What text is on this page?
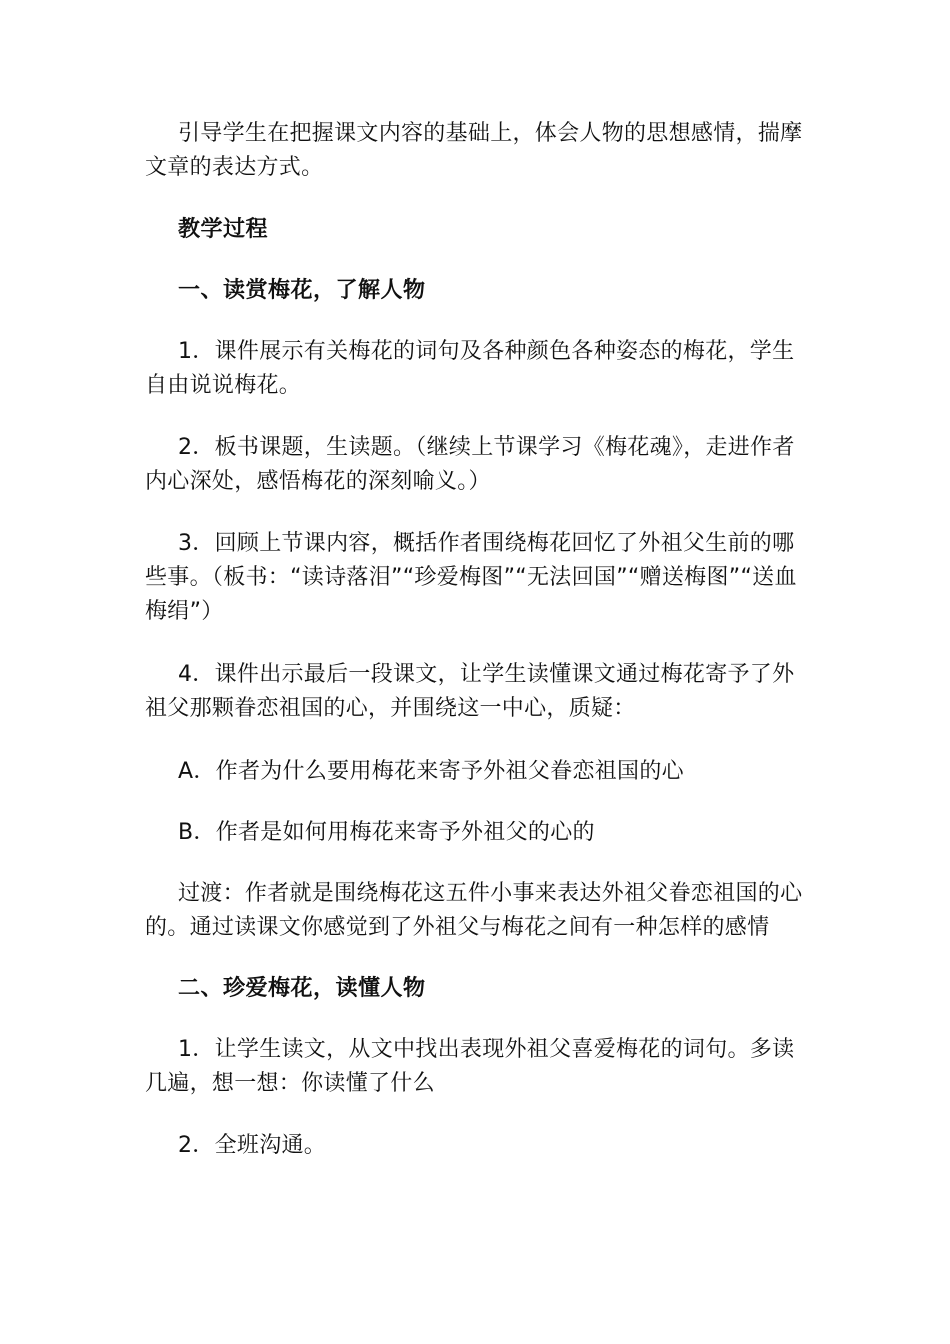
引导学生在把握课文内容的基础上，体会人物的思想感情，揣摩文章的表达方式。

教学过程

一、读赏梅花，了解人物

1．课件展示有关梅花的词句及各种颜色各种姿态的梅花，学生自由说说梅花。

2．板书课题，生读题。（继续上节课学习《梅花魂》，走进作者内心深处，感悟梅花的深刻喻义。）

3．回顾上节课内容，概括作者围绕梅花回忆了外祖父生前的哪些事。（板书：“读诗落泪”“珍爱梅图”“无法回国”“赠送梅图”“送血梅绢”）

4．课件出示最后一段课文，让学生读懂课文通过梅花寄予了外祖父那颗眷恋祖国的心，并围绕这一中心，质疑：

A．作者为什么要用梅花来寄予外祖父眷恋祖国的心

B．作者是如何用梅花来寄予外祖父的心的

过渡：作者就是围绕梅花这五件小事来表达外祖父眷恋祖国的心的。通过读课文你感觉到了外祖父与梅花之间有一种怎样的感情

二、珍爱梅花，读懂人物

1．让学生读文，从文中找出表现外祖父喜爱梅花的词句。多读几遍，想一想：你读懂了什么

2．全班沟通。
